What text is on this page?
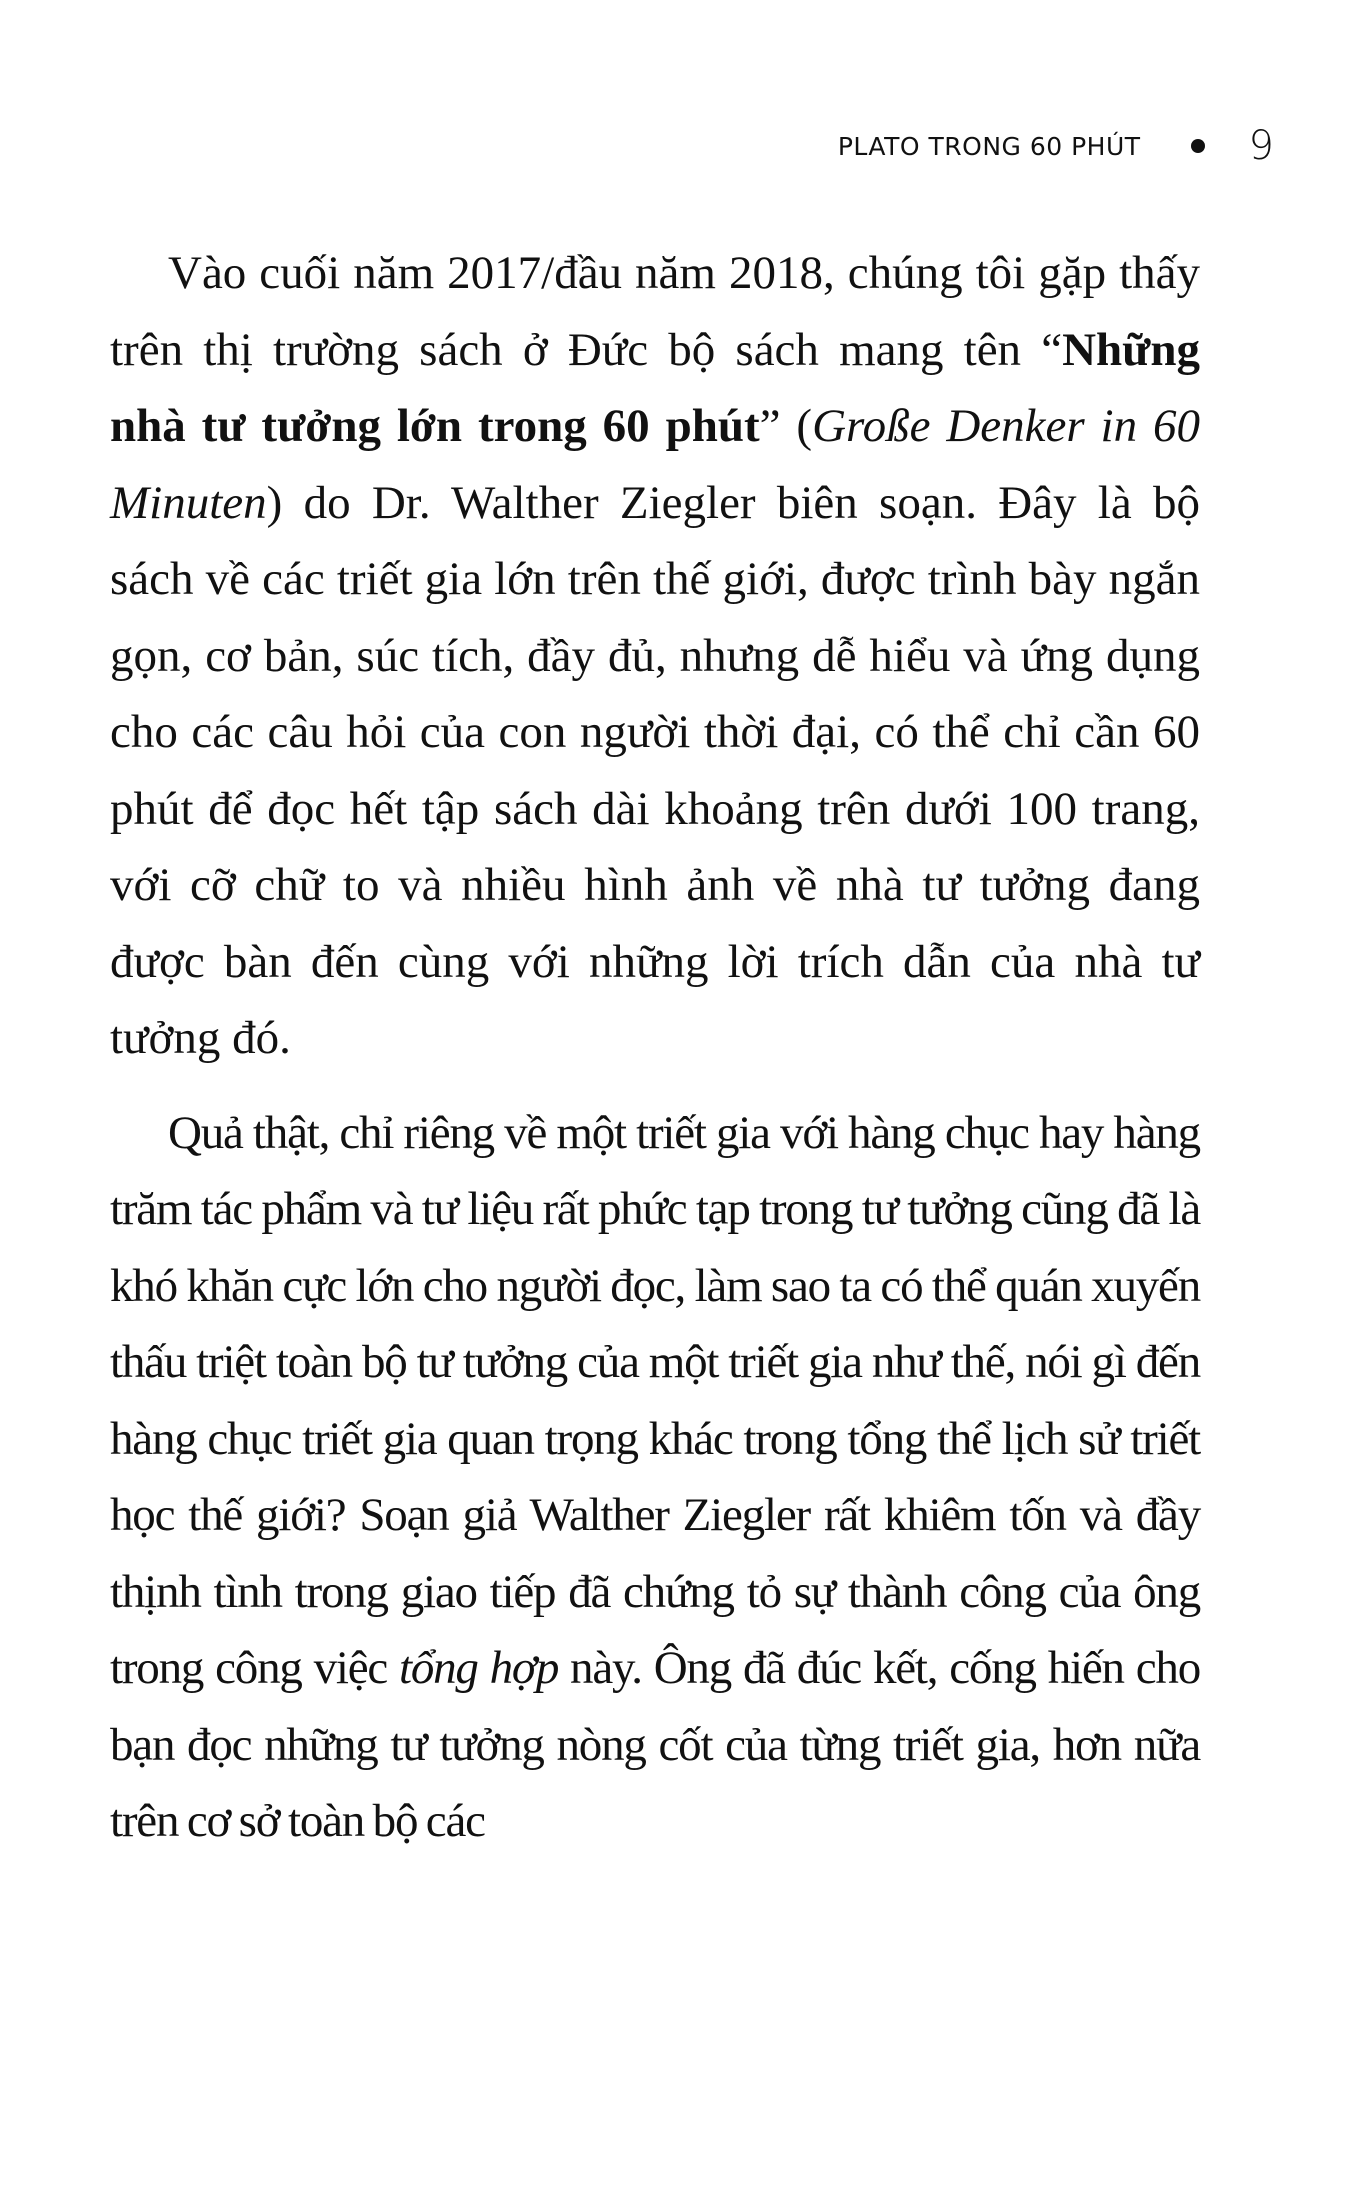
PLATO TRONG 60 PHÚT	9

Vào cuối năm 2017/đầu năm 2018, chúng tôi gặp thấy trên thị trường sách ở Đức bộ sách mang tên “Những nhà tư tưởng lớn trong 60 phút” (Große Denker in 60 Minuten) do Dr. Walther Ziegler biên soạn. Đây là bộ sách về các triết gia lớn trên thế giới, được trình bày ngắn gọn, cơ bản, súc tích, đầy đủ, nhưng dễ hiểu và ứng dụng cho các câu hỏi của con người thời đại, có thể chỉ cần 60 phút để đọc hết tập sách dài khoảng trên dưới 100 trang, với cỡ chữ to và nhiều hình ảnh về nhà tư tưởng đang được bàn đến cùng với những lời trích dẫn của nhà tư tưởng đó.

Quả thật, chỉ riêng về một triết gia với hàng chục hay hàng trăm tác phẩm và tư liệu rất phức tạp trong tư tưởng cũng đã là khó khăn cực lớn cho người đọc, làm sao ta có thể quán xuyến thấu triệt toàn bộ tư tưởng của một triết gia như thế, nói gì đến hàng chục triết gia quan trọng khác trong tổng thể lịch sử triết học thế giới? Soạn giả Walther Ziegler rất khiêm tốn và đầy thịnh tình trong giao tiếp đã chứng tỏ sự thành công của ông trong công việc tổng hợp này. Ông đã đúc kết, cống hiến cho bạn đọc những tư tưởng nòng cốt của từng triết gia, hơn nữa trên cơ sở toàn bộ các
